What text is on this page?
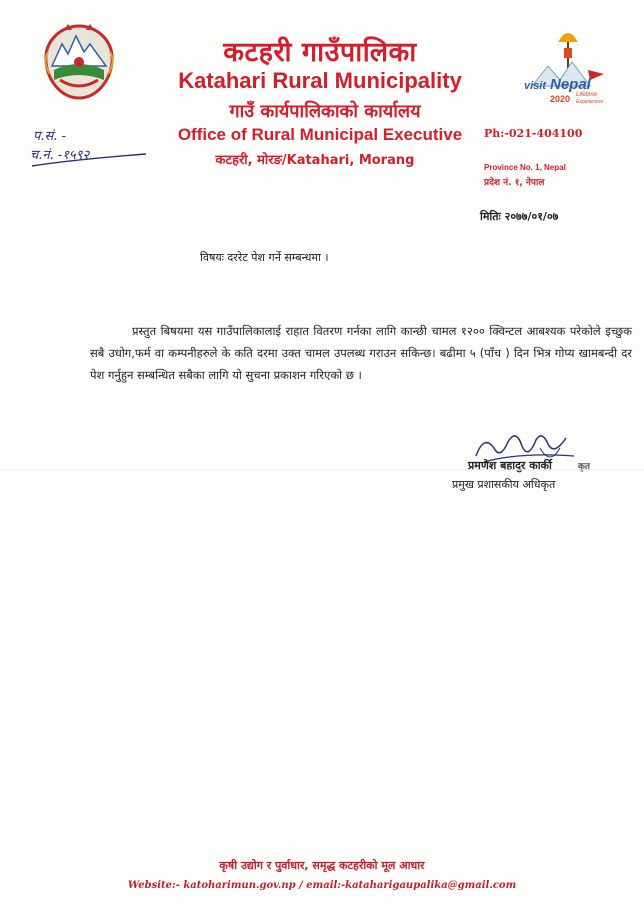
visit Nepal
2020 Lifetime
Experiences
कटहरी गाउँपालिका
Katahari Rural Municipality
गाउँ कार्यपालिकाको कार्यालय
Office of Rural Municipal Executive
कटहरी, मोरङ/Katahari, Morang
Ph:-021-404100
Province No. 1, Nepal
प्रदेश नं. १, नेपाल
प.सं. -
च.नं. -१५९२
मितिः २०७७/०१/०७
विषयः दररेट पेश गर्ने सम्बन्धमा ।

प्रस्तुत बिषयमा यस गाउँपालिकालाई राहात वितरण गर्नका लागि कान्छी चामल १२०० क्विन्टल आबश्यक परेकोले इच्छुक सबै उधोग,फर्म वा कम्पनीहरुले के कति दरमा उक्त चामल उपलब्ध गराउन सकिन्छ। बढीमा ५ (पाँच ) दिन भित्र गोप्य खामबन्दी दर पेश गर्नुहुन सम्बन्धित सबैका लागि यो सुचना प्रकाशन गरिएको छ ।

प्रमणेश बहादुर कार्की	कृत
प्रमुख प्रशासकीय अधिकृत
कृषी उद्योग र पुर्वाधार, समृद्ध कटहरीको मूल आधार
Website:- katoharimun.gov.np / email:-kataharigaupalika@gmail.com
